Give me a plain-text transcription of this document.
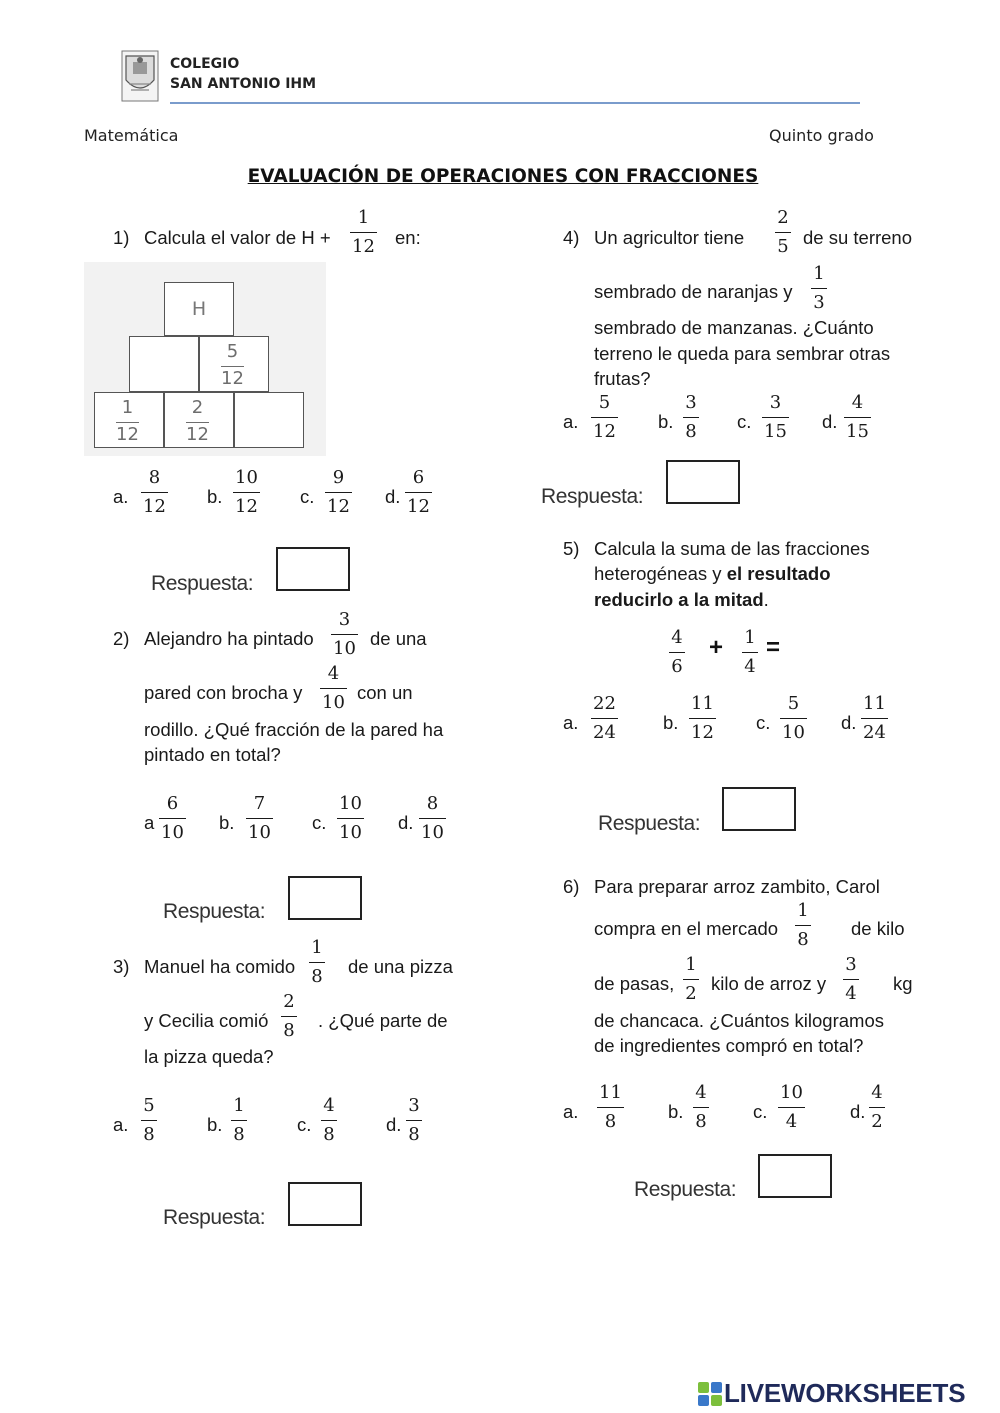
COLEGIO
SAN ANTONIO IHM
Matemática	Quinto grado
EVALUACIÓN DE OPERACIONES CON FRACCIONES
1) Calcula el valor de H +
1
12 en:
H
5
12
1
12
2
12
a.
8
12 b.
10
12 c.
9
12 d.
6
12
Respuesta:
2) Alejandro ha pintado
3
10 de una
pared con brocha y
4
10 con un
rodillo. ¿Qué fracción de la pared ha
pintado en total?
a
6
10 b.
7
10 c.
10
10 d.
8
10
Respuesta:
3) Manuel ha comido
1
8 de una pizza
y Cecilia comió
2
8 . ¿Qué parte de
la pizza queda?
a.
5
8	b.
1
8	c.
4
8	d.
3
8
Respuesta:
4) Un agricultor tiene
2
5 de su terreno
sembrado de naranjas y
1
3
sembrado de manzanas. ¿Cuánto
terreno le queda para sembrar otras
frutas?
a.
5
12 b.
3
8 c.
3
15 d.
4
15
Respuesta:
5) Calcula la suma de las fracciones
heterogéneas y el resultado
reducirlo a la mitad.
4
6
+ 1
4
=
a.
22
24	b.
11
12 c.
5
10 d.
11
24
Respuesta:
6) Para preparar arroz zambito, Carol
compra en el mercado
1
8
de kilo
de pasas,
1
2 kilo de arroz y
3
4 kg
de chancaca. ¿Cuántos kilogramos
de ingredientes compró en total?
a.
11
8	b.
4
8	c.
10
4	d.
4
2
Respuesta:
LIVEWORKSHEETS
